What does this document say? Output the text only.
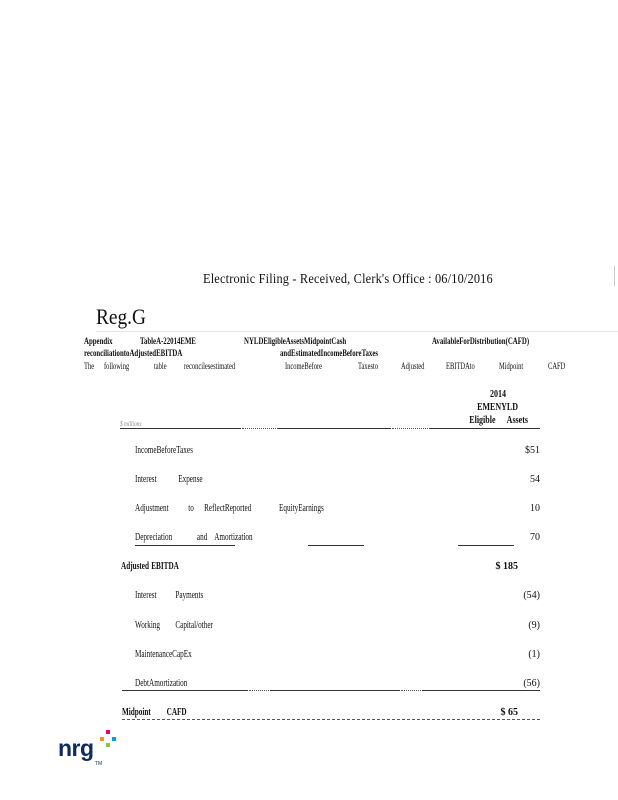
Electronic Filing - Received, Clerk's Office : 06/10/2016
Reg.G
Appendix	TableA-22014EME	NYLDEligibleAssetsMidpointCash	AvailableForDistribution(CAFD)
reconciliationtoAdjustedEBITDA	andEstimatedIncomeBeforeTaxes
The following	table reconcilesestimated	IncomeBefore	Taxesto	Adjusted EBITDAto	Midpoint	CAFD
2014
EMENYLD
Eligible Assets
$ millions
IncomeBeforeTaxes	$51
Interest Expense	54
Adjustment to ReflectReported	EquityEarnings	10
Depreciation and Amortization	70
Adjusted EBITDA	$ 185
Interest Payments	(54)
Working Capital/other	(9)
MaintenanceCapEx	(1)
DebtAmortization	(56)
Midpoint CAFD	$ 65
nrg
TM
